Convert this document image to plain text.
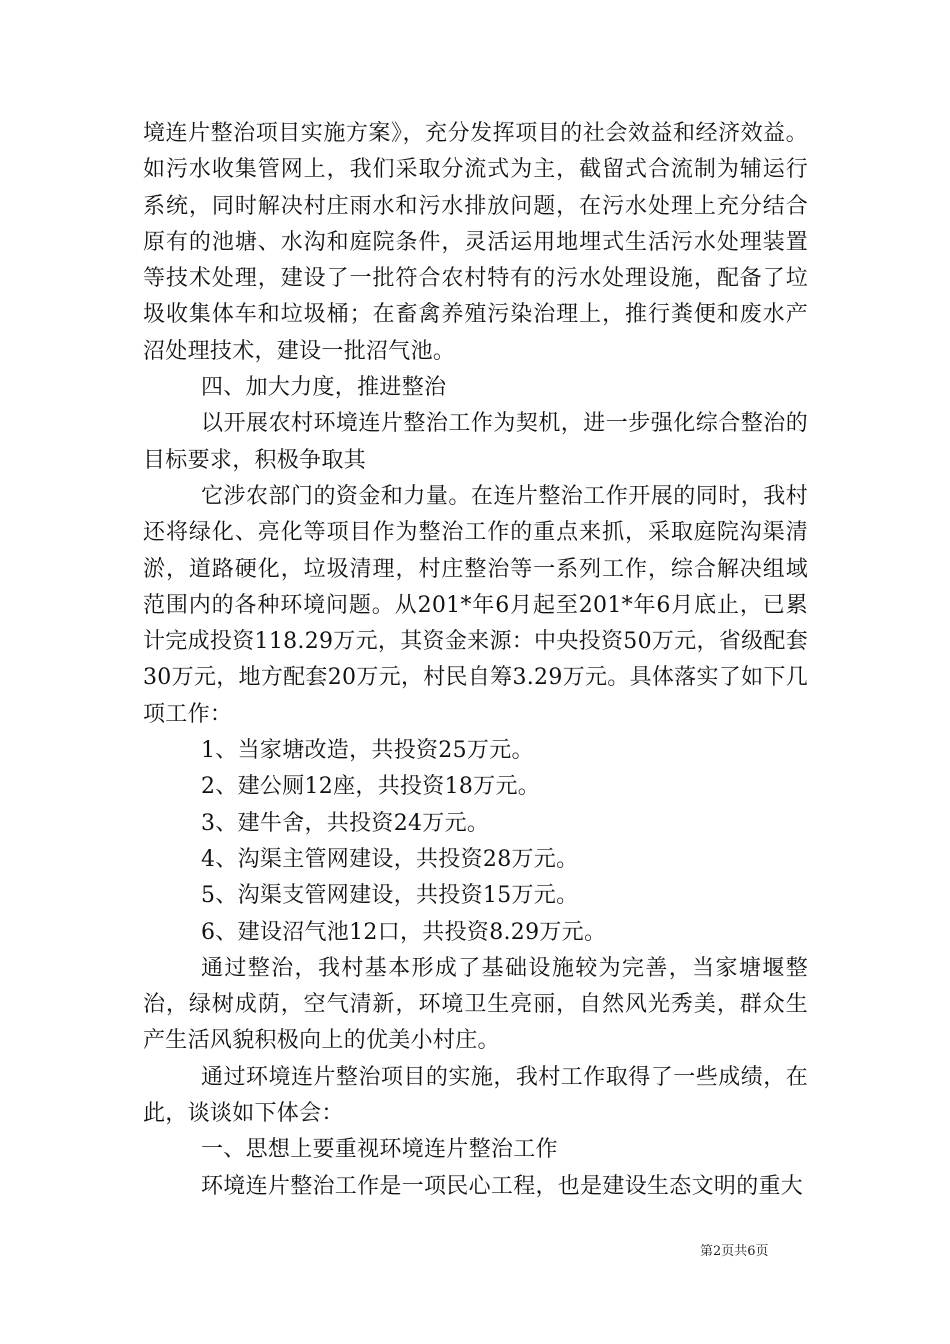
境连片整治项目实施方案》，充分发挥项目的社会效益和经济效益。如污水收集管网上，我们采取分流式为主，截留式合流制为辅运行系统，同时解决村庄雨水和污水排放问题，在污水处理上充分结合原有的池塘、水沟和庭院条件，灵活运用地埋式生活污水处理装置等技术处理，建设了一批符合农村特有的污水处理设施，配备了垃圾收集体车和垃圾桶；在畜禽养殖污染治理上，推行粪便和废水产沼处理技术，建设一批沼气池。

四、加大力度，推进整治

以开展农村环境连片整治工作为契机，进一步强化综合整治的目标要求，积极争取其

它涉农部门的资金和力量。在连片整治工作开展的同时，我村还将绿化、亮化等项目作为整治工作的重点来抓，采取庭院沟渠清淤，道路硬化，垃圾清理，村庄整治等一系列工作，综合解决组域范围内的各种环境问题。从201*年6月起至201*年6月底止，已累计完成投资118.29万元，其资金来源：中央投资50万元，省级配套30万元，地方配套20万元，村民自筹3.29万元。具体落实了如下几项工作：

1、当家塘改造，共投资25万元。

2、建公厕12座，共投资18万元。

3、建牛舍，共投资24万元。

4、沟渠主管网建设，共投资28万元。

5、沟渠支管网建设，共投资15万元。

6、建设沼气池12口，共投资8.29万元。

通过整治，我村基本形成了基础设施较为完善，当家塘堰整治，绿树成荫，空气清新，环境卫生亮丽，自然风光秀美，群众生产生活风貌积极向上的优美小村庄。

通过环境连片整治项目的实施，我村工作取得了一些成绩，在此，谈谈如下体会：

一、思想上要重视环境连片整治工作

环境连片整治工作是一项民心工程，也是建设生态文明的重大

第2页共6页
